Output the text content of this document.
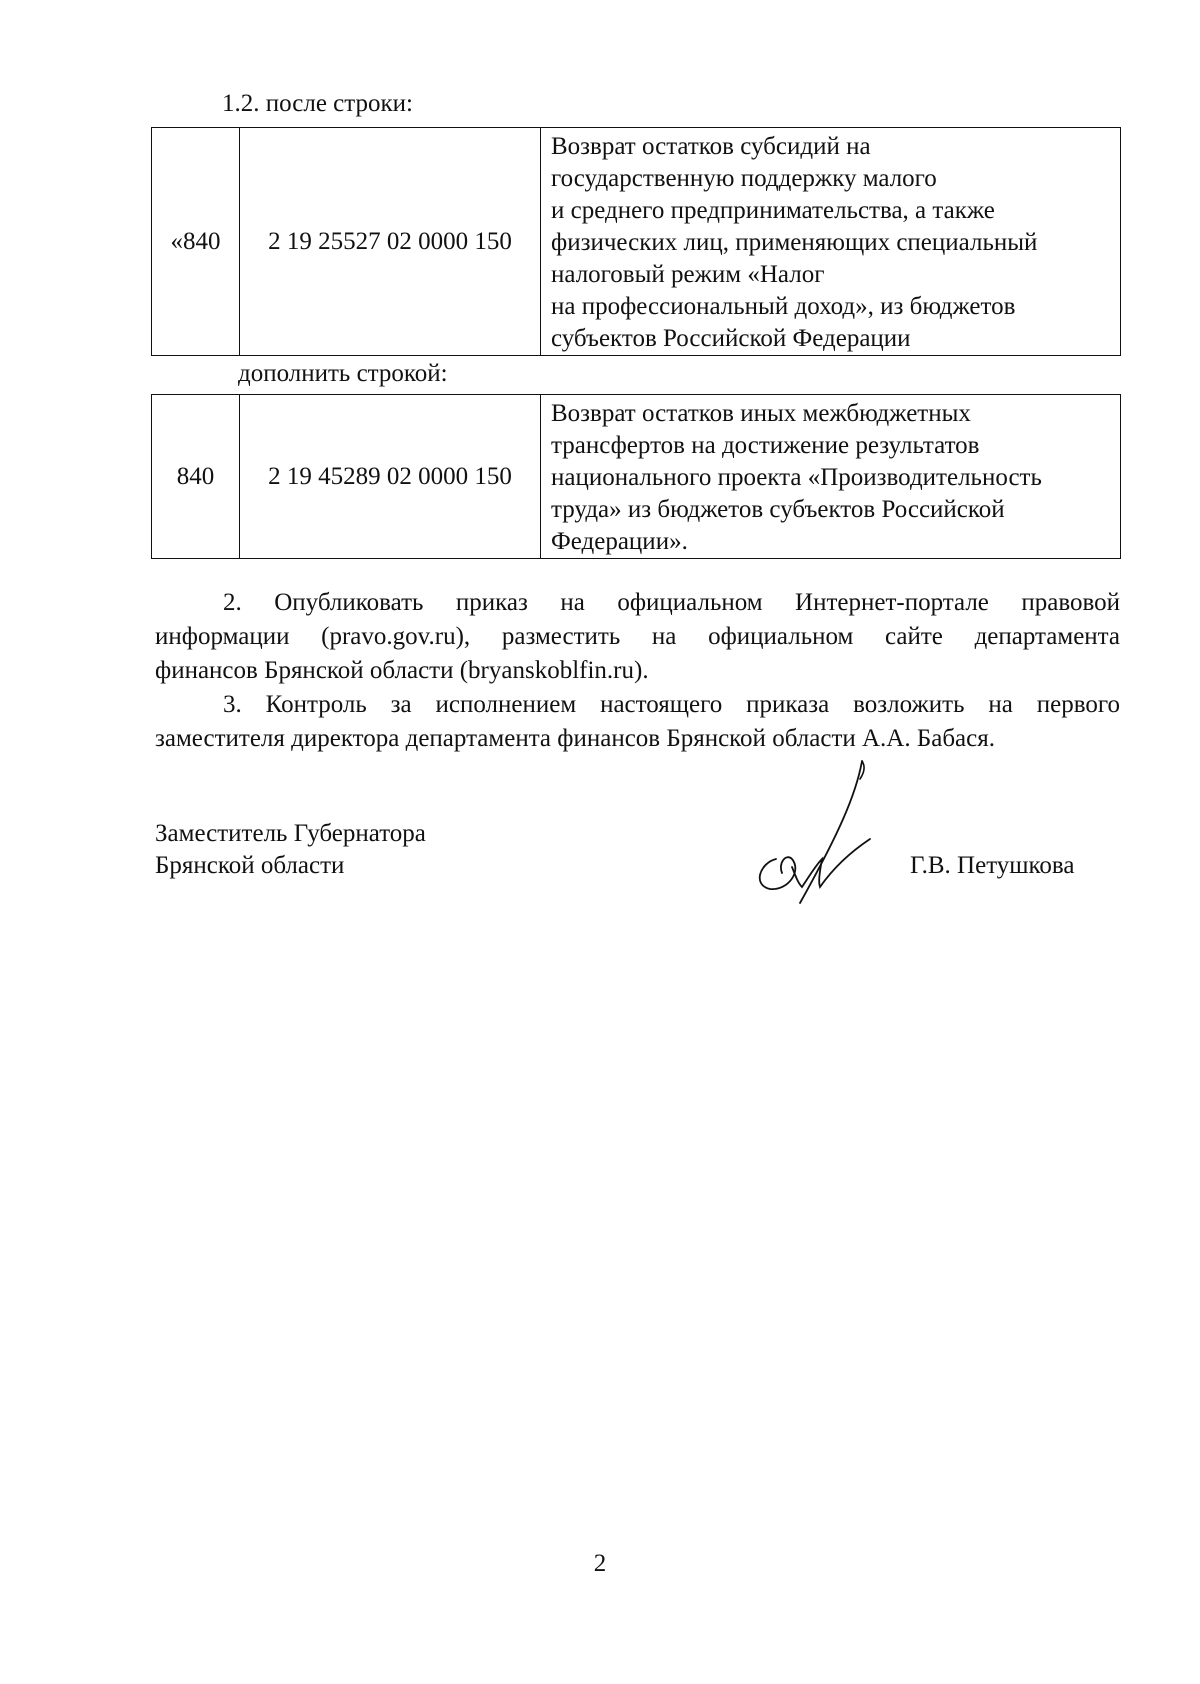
1.2. после строки:

«840	2 19 25527 02 0000 150	
Возврат остатков субсидий на
государственную поддержку малого
и среднего предпринимательства, а также
физических лиц, применяющих специальный
налоговый режим «Налог
на профессиональный доход», из бюджетов
субъектов Российской Федерации

дополнить строкой:

840	2 19 45289 02 0000 150	
Возврат остатков иных межбюджетных
трансфертов на достижение результатов
национального проекта «Производительность
труда» из бюджетов субъектов Российской
Федерации».
2. Опубликовать приказ на официальном Интернет-портале правовой
информации (pravo.gov.ru), разместить на официальном сайте департамента
финансов Брянской области (bryanskoblfin.ru).
3. Контроль за исполнением настоящего приказа возложить на первого
заместителя директора департамента финансов Брянской области А.А. Бабася.
Заместитель Губернатора
Брянской области	Г.В. Петушкова

2
